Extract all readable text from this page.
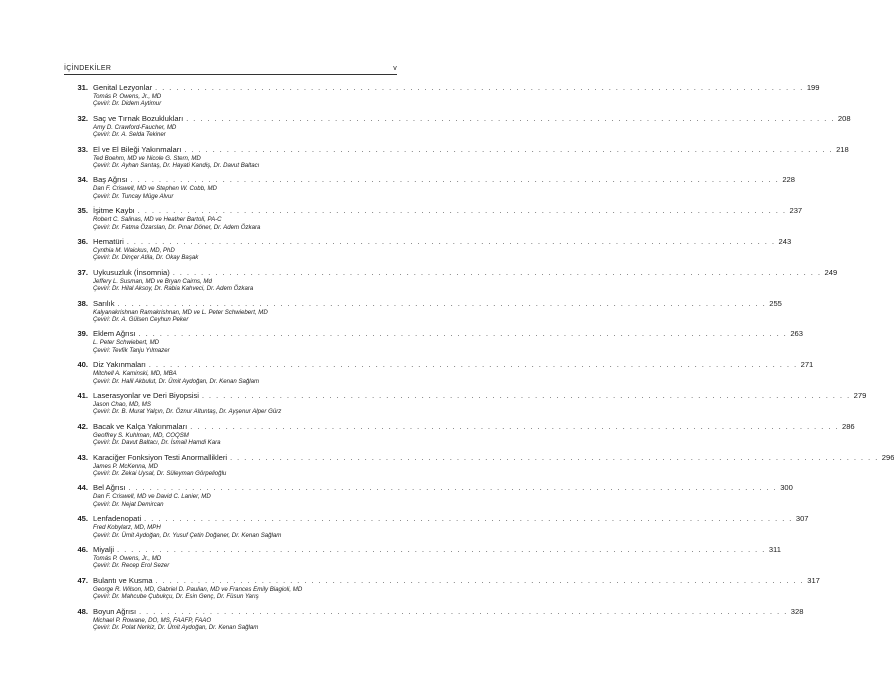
İÇİNDEKİLER	v
31. Genital Lezyonlar . . . . . . . . . . . . . . . . . . . . . . . . . . . . . . . . . . . . . . . . . . . . . . . . . . . . . . . . . . . . . . . . . . . . . . . . . . . . . . . . . . . . . . . . . . . . 199
Tomás P. Owens, Jr., MD
Çeviri: Dr. Didem Aytimur
32. Saç ve Tırnak Bozuklukları . . . . . . . . . . . . . . . . . . . . . . . . . . . . . . . . . . . . . . . . . . . . . . . . . . . . . . . . . . . . . . . . . . . . . . . . . . . . . . . . . . . . . . . . . . . . 208
Amy D. Crawford-Faucher, MD
Çeviri: Dr. A. Selda Tekiner
33. El ve El Bileği Yakınmaları . . . . . . . . . . . . . . . . . . . . . . . . . . . . . . . . . . . . . . . . . . . . . . . . . . . . . . . . . . . . . . . . . . . . . . . . . . . . . . . . . . . . . . . . . . . . 218
Ted Boehm, MD ve Nicole G. Stern, MD
Çeviri: Dr. Ayhan Sarıtaş, Dr. Hayati Kandiş, Dr. Davut Baltacı
34. Baş Ağrısı . . . . . . . . . . . . . . . . . . . . . . . . . . . . . . . . . . . . . . . . . . . . . . . . . . . . . . . . . . . . . . . . . . . . . . . . . . . . . . . . . . . . . . . . . . . . 228
Dan F. Criswell, MD ve Stephen W. Cobb, MD
Çeviri: Dr. Tuncay Müge Alvur
35. İşitme Kaybı . . . . . . . . . . . . . . . . . . . . . . . . . . . . . . . . . . . . . . . . . . . . . . . . . . . . . . . . . . . . . . . . . . . . . . . . . . . . . . . . . . . . . . . . . . . . 237
Robert C. Salinas, MD ve Heather Bartoli, PA-C
Çeviri: Dr. Fatma Özarslan, Dr. Pınar Döner, Dr. Adem Özkara
36. Hematüri . . . . . . . . . . . . . . . . . . . . . . . . . . . . . . . . . . . . . . . . . . . . . . . . . . . . . . . . . . . . . . . . . . . . . . . . . . . . . . . . . . . . . . . . . . . . 243
Cynthia M. Waickus, MD, PhD
Çeviri: Dr. Dinçer Atila, Dr. Okay Başak
37. Uykusuzluk (İnsomnia) . . . . . . . . . . . . . . . . . . . . . . . . . . . . . . . . . . . . . . . . . . . . . . . . . . . . . . . . . . . . . . . . . . . . . . . . . . . . . . . . . . . . . . . . . . . . 249
Jeffery L. Susman, MD ve Bryan Cairns, Md
Çeviri: Dr. Hilal Aksoy, Dr. Rabia Kahveci, Dr. Adem Özkara
38. Sarılık . . . . . . . . . . . . . . . . . . . . . . . . . . . . . . . . . . . . . . . . . . . . . . . . . . . . . . . . . . . . . . . . . . . . . . . . . . . . . . . . . . . . . . . . . . . . 255
Kalyanakrishnan Ramakrishnan, MD ve L. Peter Schwiebert, MD
Çeviri: Dr. A. Gülsen Ceyhun Peker
39. Eklem Ağrısı . . . . . . . . . . . . . . . . . . . . . . . . . . . . . . . . . . . . . . . . . . . . . . . . . . . . . . . . . . . . . . . . . . . . . . . . . . . . . . . . . . . . . . . . . . . . 263
L. Peter Schwiebert, MD
Çeviri: Tevfik Tanju Yılmazer
40. Diz Yakınmaları . . . . . . . . . . . . . . . . . . . . . . . . . . . . . . . . . . . . . . . . . . . . . . . . . . . . . . . . . . . . . . . . . . . . . . . . . . . . . . . . . . . . . . . . . . . . 271
Mitchell A. Kaminski, MD, MBA
Çeviri: Dr. Halil Akbulut, Dr. Ümit Aydoğan, Dr. Kenan Sağlam
41. Laserasyonlar ve Deri Biyopsisi . . . . . . . . . . . . . . . . . . . . . . . . . . . . . . . . . . . . . . . . . . . . . . . . . . . . . . . . . . . . . . . . . . . . . . . . . . . . . . . . . . . . . . . . . . . . 279
Jason Chao, MD, MS
Çeviri: Dr. B. Murat Yalçın, Dr. Öznur Altuntaş, Dr. Ayşenur Alper Gürz
42. Bacak ve Kalça Yakınmaları . . . . . . . . . . . . . . . . . . . . . . . . . . . . . . . . . . . . . . . . . . . . . . . . . . . . . . . . . . . . . . . . . . . . . . . . . . . . . . . . . . . . . . . . . . . . 286
Geoffrey S. Kuhlman, MD, COQSM
Çeviri: Dr. Davut Baltacı, Dr. İsmail Hamdi Kara
43. Karaciğer Fonksiyon Testi Anormallikleri . . . . . . . . . . . . . . . . . . . . . . . . . . . . . . . . . . . . . . . . . . . . . . . . . . . . . . . . . . . . . . . . . . . . . . . . . . . . . . . . . . . . . . . . . . . . 296
James P. McKenna, MD
Çeviri: Dr. Zekai Uysal, Dr. Süleyman Görpelioğlu
44. Bel Ağrısı . . . . . . . . . . . . . . . . . . . . . . . . . . . . . . . . . . . . . . . . . . . . . . . . . . . . . . . . . . . . . . . . . . . . . . . . . . . . . . . . . . . . . . . . . . . . 300
Dan F. Criswell, MD ve David C. Lanier, MD
Çeviri: Dr. Nejat Demircan
45. Lenfadenopati . . . . . . . . . . . . . . . . . . . . . . . . . . . . . . . . . . . . . . . . . . . . . . . . . . . . . . . . . . . . . . . . . . . . . . . . . . . . . . . . . . . . . . . . . . . . 307
Fred Kobylarz, MD, MPH
Çeviri: Dr. Ümit Aydoğan, Dr. Yusuf Çetin Doğaner, Dr. Kenan Sağlam
46. Miyalji . . . . . . . . . . . . . . . . . . . . . . . . . . . . . . . . . . . . . . . . . . . . . . . . . . . . . . . . . . . . . . . . . . . . . . . . . . . . . . . . . . . . . . . . . . . . 311
Tomás P. Owens, Jr., MD
Çeviri: Dr. Recep Erol Sezer
47. Bulantı ve Kusma . . . . . . . . . . . . . . . . . . . . . . . . . . . . . . . . . . . . . . . . . . . . . . . . . . . . . . . . . . . . . . . . . . . . . . . . . . . . . . . . . . . . . . . . . . . . 317
George R. Wilson, MD, Gabriel D. Paulian, MD ve Frances Emily Biagioli, MD
Çeviri: Dr. Mahcube Çubukçu, Dr. Esin Genç, Dr. Füsun Yarış
48. Boyun Ağrısı . . . . . . . . . . . . . . . . . . . . . . . . . . . . . . . . . . . . . . . . . . . . . . . . . . . . . . . . . . . . . . . . . . . . . . . . . . . . . . . . . . . . . . . . . . . . 328
Michael P. Rowane, DO, MS, FAAFP, FAAO
Çeviri: Dr. Polat Nerkiz, Dr. Ümit Aydoğan, Dr. Kenan Sağlam
